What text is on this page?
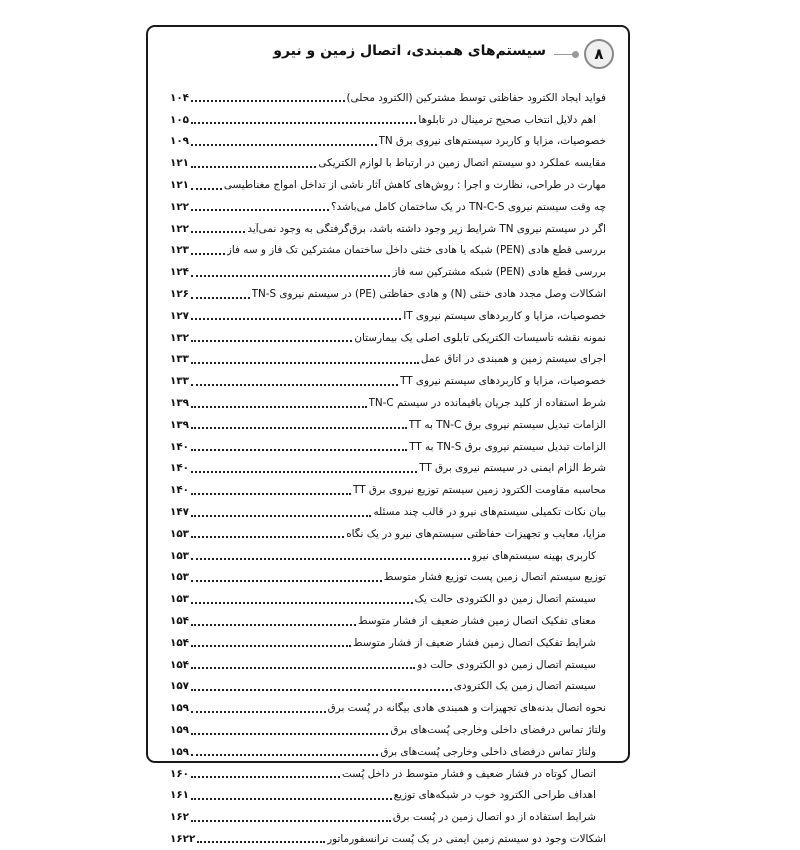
۸
سیستم‌های همبندی، اتصال زمین و نیرو
فواید ایجاد الکترود حفاظتی توسط مشترکین (الکترود محلی)
۱۰۴
اهم دلایل انتخاب صحیح ترمینال در تابلوها
۱۰۵
خصوصیات، مزایا و کاربرد سیستم‌های نیروی برق TN
۱۰۹
مقایسه عملکرد دو سیستم اتصال زمین در ارتباط با لوازم الکتریکی
۱۲۱
مهارت در طراحی، نظارت و اجرا : روش‌های کاهش آثار ناشی از تداخل امواج مغناطیسی
۱۲۱
چه وقت سیستم نیروی TN-C-S در یک ساختمان کامل می‌باشد؟
۱۲۲
اگر در سیستم نیروی TN شرایط زیر وجود داشته باشد، برق‌گرفتگی به وجود نمی‌آید
۱۲۲
بررسی قطع هادی (PEN) شبکه یا هادی خنثی داخل ساختمان مشترکین تک فاز و سه فاز
۱۲۳
بررسی قطع هادی (PEN) شبکه مشترکین سه فاز
۱۲۴
اشکالات وصل مجدد هادی خنثی (N) و هادی حفاظتی (PE) در سیستم نیروی TN-S
۱۲۶
خصوصیات، مزایا و کاربردهای سیستم نیروی IT
۱۲۷
نمونه نقشه تأسیسات الکتریکی تابلوی اصلی یک بیمارستان
۱۳۲
اجرای سیستم زمین و همبندی در اتاق عمل
۱۳۳
خصوصیات، مزایا و کاربردهای سیستم نیروی TT
۱۳۳
شرط استفاده از کلید جریان باقیمانده در سیستم TN-C
۱۳۹
الزامات تبدیل سیستم نیروی برق TN-C به TT
۱۳۹
الزامات تبدیل سیستم نیروی برق TN-S به TT
۱۴۰
شرط الزام ایمنی در سیستم نیروی برق TT
۱۴۰
محاسبه مقاومت الکترود زمین سیستم توزیع نیروی برق TT
۱۴۰
بیان نکات تکمیلی سیستم‌های نیرو در قالب چند مسئله
۱۴۷
مزایا، معایب و تجهیزات حفاظتی سیستم‌های نیرو در یک نگاه
۱۵۳
کاربری بهینه سیستم‌های نیرو
۱۵۳
توزیع سیستم اتصال زمین پست توزیع فشار متوسط
۱۵۳
سیستم اتصال زمین دو الکترودی حالت یک
۱۵۳
معنای تفکیک اتصال زمین فشار ضعیف از فشار متوسط
۱۵۴
شرایط تفکیک اتصال زمین فشار ضعیف از فشار متوسط
۱۵۴
سیستم اتصال زمین دو الکترودی حالت دو
۱۵۴
سیستم اتصال زمین یک الکترودی
۱۵۷
نحوه اتصال بدنه‌های تجهیزات و همبندی هادی بیگانه در پُست برق
۱۵۹
ولتاژ تماس درفضای داخلی وخارجی پُست‌های برق
۱۵۹
ولتاژ تماس درفضای داخلی وخارجی پُست‌های برق
۱۵۹
اتصال کوتاه در فشار ضعیف و فشار متوسط در داخل پُست
۱۶۰
اهداف طراحی الکترود خوب در شبکه‌های توزیع
۱۶۱
شرایط استفاده از دو اتصال زمین در پُست برق
۱۶۲
اشکالات وجود دو سیستم زمین ایمنی در یک پُست ترانسفورماتور
۱۶۲۲
